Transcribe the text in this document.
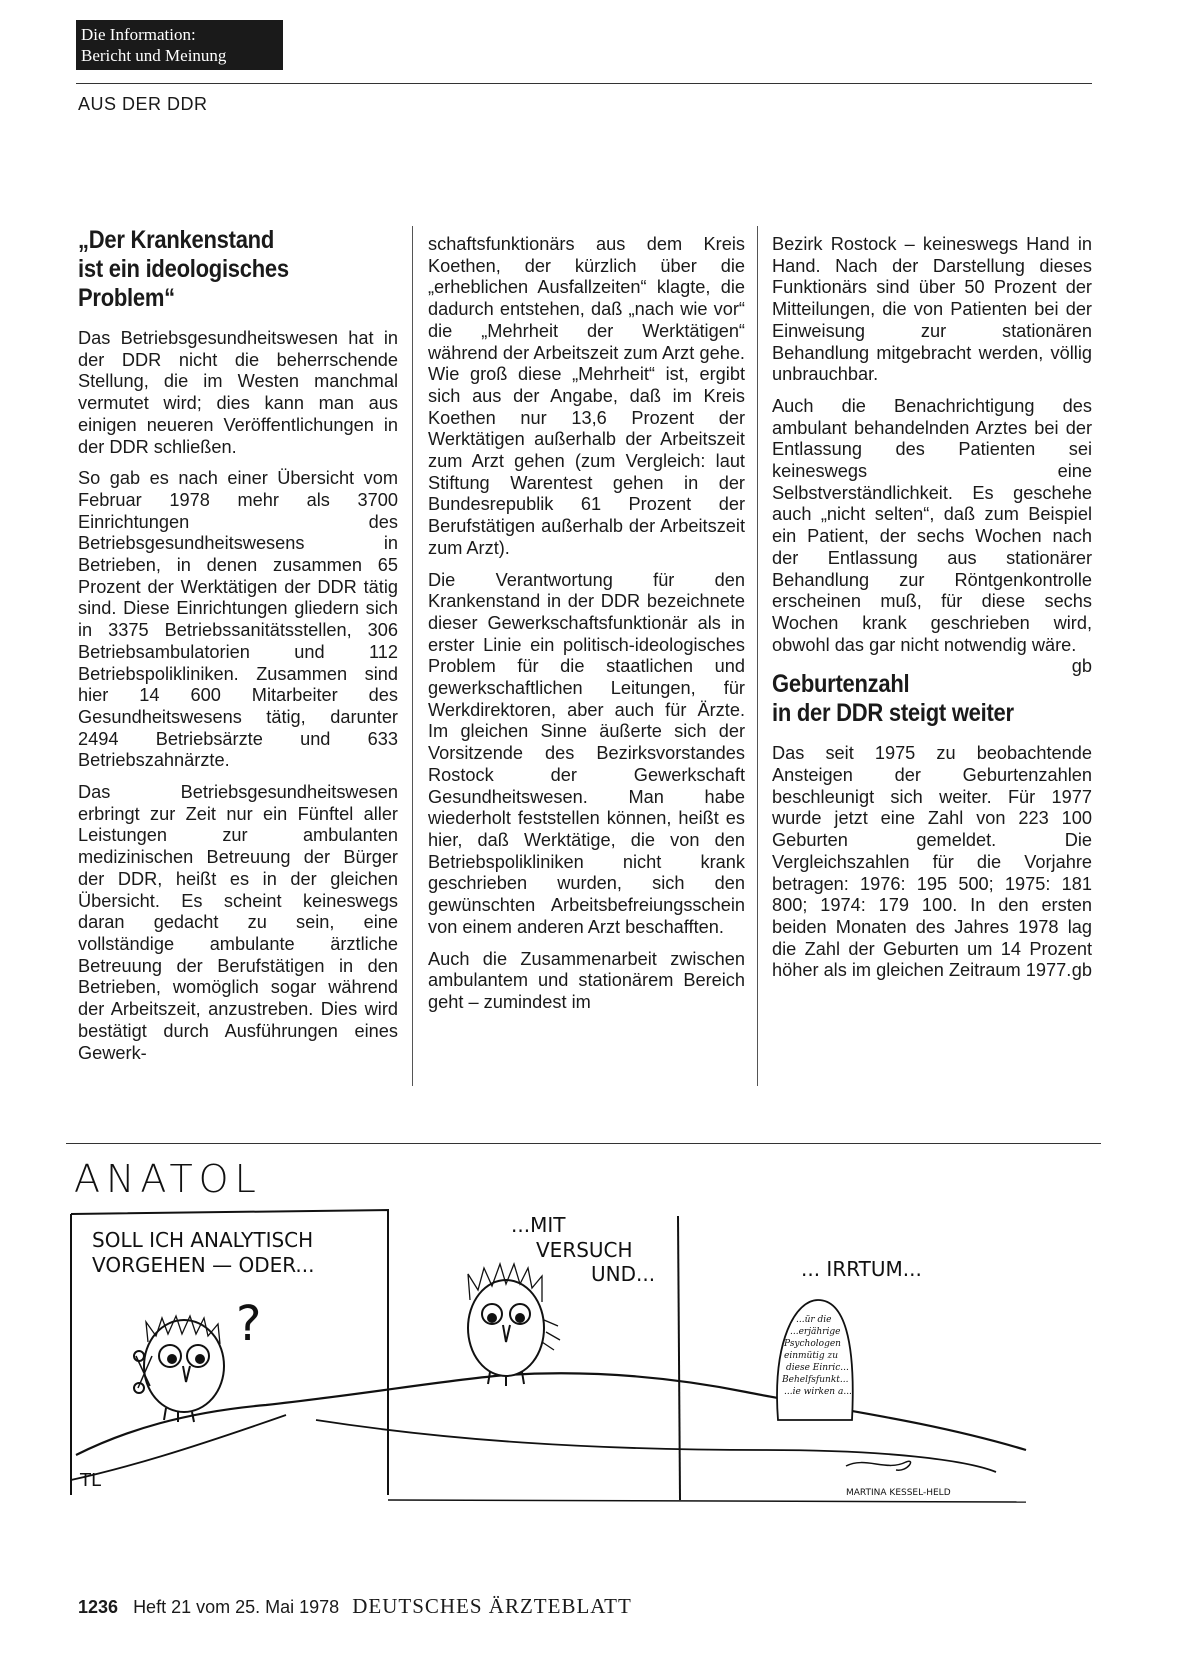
Die Information:
Bericht und Meinung
AUS DER DDR
„Der Krankenstand
ist ein ideologisches
Problem“

Das Betriebsgesundheitswesen hat in der DDR nicht die beherrschende Stellung, die im Westen manchmal vermutet wird; dies kann man aus einigen neueren Veröffentlichungen in der DDR schließen.

So gab es nach einer Übersicht vom Februar 1978 mehr als 3700 Einrichtungen des Betriebsgesundheitswesens in Betrieben, in denen zusammen 65 Prozent der Werktätigen der DDR tätig sind. Diese Einrichtungen gliedern sich in 3375 Betriebssanitätsstellen, 306 Betriebsambulatorien und 112 Betriebspolikliniken. Zusammen sind hier 14 600 Mitarbeiter des Gesundheitswesens tätig, darunter 2494 Betriebsärzte und 633 Betriebszahnärzte.

Das Betriebsgesundheitswesen erbringt zur Zeit nur ein Fünftel aller Leistungen zur ambulanten medizinischen Betreuung der Bürger der DDR, heißt es in der gleichen Übersicht. Es scheint keineswegs daran gedacht zu sein, eine vollständige ambulante ärztliche Betreuung der Berufstätigen in den Betrieben, womöglich sogar während der Arbeitszeit, anzustreben. Dies wird bestätigt durch Ausführungen eines Gewerk-

schaftsfunktionärs aus dem Kreis Koethen, der kürzlich über die „erheblichen Ausfallzeiten“ klagte, die dadurch entstehen, daß „nach wie vor“ die „Mehrheit der Werktätigen“ während der Arbeitszeit zum Arzt gehe. Wie groß diese „Mehrheit“ ist, ergibt sich aus der Angabe, daß im Kreis Koethen nur 13,6 Prozent der Werktätigen außerhalb der Arbeitszeit zum Arzt gehen (zum Vergleich: laut Stiftung Warentest gehen in der Bundesrepublik 61 Prozent der Berufstätigen außerhalb der Arbeitszeit zum Arzt).

Die Verantwortung für den Krankenstand in der DDR bezeichnete dieser Gewerkschaftsfunktionär als in erster Linie ein politisch-ideologisches Problem für die staatlichen und gewerkschaftlichen Leitungen, für Werkdirektoren, aber auch für Ärzte. Im gleichen Sinne äußerte sich der Vorsitzende des Bezirksvorstandes Rostock der Gewerkschaft Gesundheitswesen. Man habe wiederholt feststellen können, heißt es hier, daß Werktätige, die von den Betriebspolikliniken nicht krank geschrieben wurden, sich den gewünschten Arbeitsbefreiungsschein von einem anderen Arzt beschafften.

Auch die Zusammenarbeit zwischen ambulantem und stationärem Bereich geht – zumindest im

Bezirk Rostock – keineswegs Hand in Hand. Nach der Darstellung dieses Funktionärs sind über 50 Prozent der Mitteilungen, die von Patienten bei der Einweisung zur stationären Behandlung mitgebracht werden, völlig unbrauchbar.

Auch die Benachrichtigung des ambulant behandelnden Arztes bei der Entlassung des Patienten sei keineswegs eine Selbstverständlichkeit. Es geschehe auch „nicht selten“, daß zum Beispiel ein Patient, der sechs Wochen nach der Entlassung aus stationärer Behandlung zur Röntgenkontrolle erscheinen muß, für diese sechs Wochen krank geschrieben wird, obwohl das gar nicht notwendig wäre.
gb

Geburtenzahl
in der DDR steigt weiter

Das seit 1975 zu beobachtende Ansteigen der Geburtenzahlen beschleunigt sich weiter. Für 1977 wurde jetzt eine Zahl von 223 100 Geburten gemeldet. Die Vergleichszahlen für die Vorjahre betragen: 1976: 195 500; 1975: 181 800; 1974: 179 100. In den ersten beiden Monaten des Jahres 1978 lag die Zahl der Geburten um 14 Prozent höher als im gleichen Zeitraum 1977. gb

ANATOL
SOLL ICH ANALYTISCH
VORGEHEN — ODER...
?
...MIT
VERSUCH
UND...	... IRRTUM...
...ür die
...erjährige
Psychologen
einmütig zu
diese Einric...
Behelfsfunkt...
...ie wirken a...
TL
MARTINA KESSEL-HELD
1236 Heft 21 vom 25. Mai 1978 DEUTSCHES ÄRZTEBLATT
